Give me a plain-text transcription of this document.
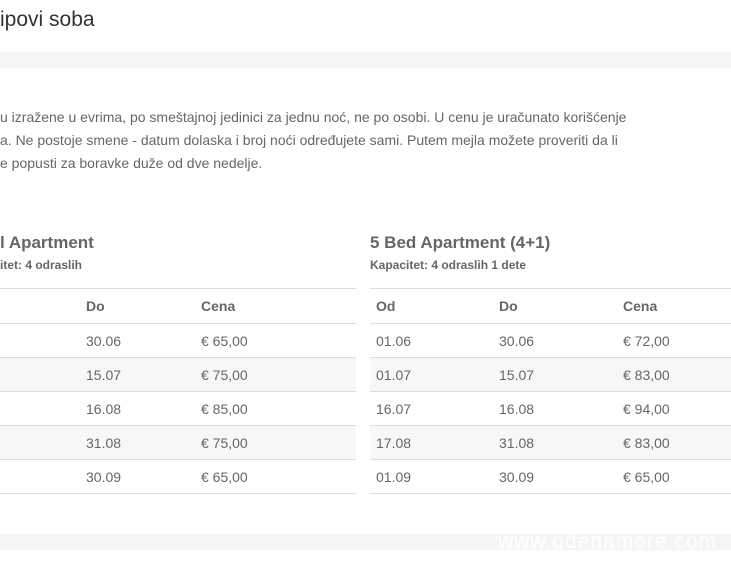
ipovi soba
u izražene u evrima, po smeštajnoj jedinici za jednu noć, ne po osobi. U cenu je uračunato korišćenje
a. Ne postoje smene - datum dolaska i broj noći određujete sami. Putem mejla možete proveriti da li
e popusti za boravke duže od dve nedelje.
l Apartment
itet: 4 odraslih
5 Bed Apartment (4+1)
Kapacitet: 4 odraslih 1 dete
	Do	Cena
	30.06	€ 65,00
	15.07	€ 75,00
	16.08	€ 85,00
	31.08	€ 75,00
	30.09	€ 65,00
Od	Do	Cena
01.06	30.06	€ 72,00
01.07	15.07	€ 83,00
16.07	16.08	€ 94,00
17.08	31.08	€ 83,00
01.09	30.09	€ 65,00
www.gdenamore.com
